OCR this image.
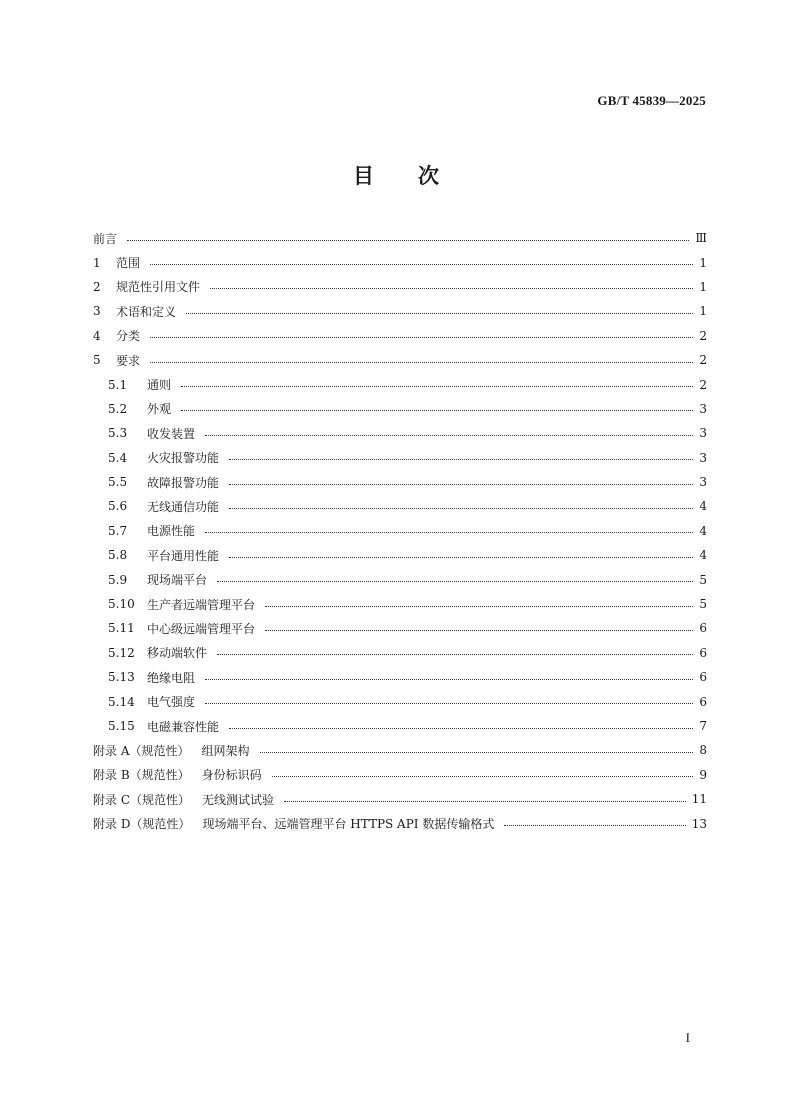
GB/T 45839—2025
目次
前言	Ⅲ
1	范围	1
2	规范性引用文件	1
3	术语和定义	1
4	分类	2
5	要求	2
5.1	通则	2
5.2	外观	3
5.3	收发装置	3
5.4	火灾报警功能	3
5.5	故障报警功能	3
5.6	无线通信功能	4
5.7	电源性能	4
5.8	平台通用性能	4
5.9	现场端平台	5
5.10	生产者远端管理平台	5
5.11	中心级远端管理平台	6
5.12	移动端软件	6
5.13	绝缘电阻	6
5.14	电气强度	6
5.15	电磁兼容性能	7
附录 A（规范性） 组网架构	8
附录 B（规范性） 身份标识码	9
附录 C（规范性） 无线测试试验	11
附录 D（规范性） 现场端平台、远端管理平台 HTTPS API 数据传输格式	13
I
